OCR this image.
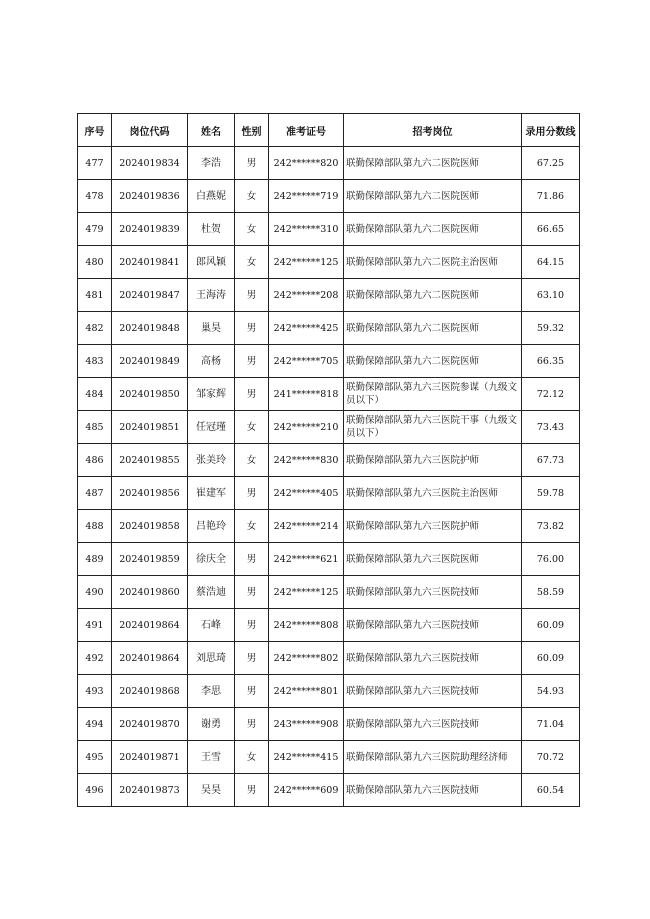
序号	岗位代码	姓名	性别	准考证号	招考岗位	录用分数线
477	2024019834	李浩	男	242******820	联勤保障部队第九六二医院医师	67.25
478	2024019836	白燕妮	女	242******719	联勤保障部队第九六二医院医师	71.86
479	2024019839	杜贺	女	242******310	联勤保障部队第九六二医院医师	66.65
480	2024019841	郎风颖	女	242******125	联勤保障部队第九六二医院主治医师	64.15
481	2024019847	王海涛	男	242******208	联勤保障部队第九六二医院医师	63.10
482	2024019848	巢昊	男	242******425	联勤保障部队第九六二医院医师	59.32
483	2024019849	高杨	男	242******705	联勤保障部队第九六二医院医师	66.35
484	2024019850	邹家辉	男	241******818	联勤保障部队第九六三医院参谋（九级文员以下）	72.12
485	2024019851	任冠瑾	女	242******210	联勤保障部队第九六三医院干事（九级文员以下）	73.43
486	2024019855	张美玲	女	242******830	联勤保障部队第九六三医院护师	67.73
487	2024019856	崔建军	男	242******405	联勤保障部队第九六三医院主治医师	59.78
488	2024019858	吕艳玲	女	242******214	联勤保障部队第九六三医院护师	73.82
489	2024019859	徐庆全	男	242******621	联勤保障部队第九六三医院医师	76.00
490	2024019860	蔡浩迪	男	242******125	联勤保障部队第九六三医院技师	58.59
491	2024019864	石峰	男	242******808	联勤保障部队第九六三医院技师	60.09
492	2024019864	刘思琦	男	242******802	联勤保障部队第九六三医院技师	60.09
493	2024019868	李思	男	242******801	联勤保障部队第九六三医院技师	54.93
494	2024019870	谢勇	男	243******908	联勤保障部队第九六三医院技师	71.04
495	2024019871	王雪	女	242******415	联勤保障部队第九六三医院助理经济师	70.72
496	2024019873	吴昊	男	242******609	联勤保障部队第九六三医院技师	60.54
